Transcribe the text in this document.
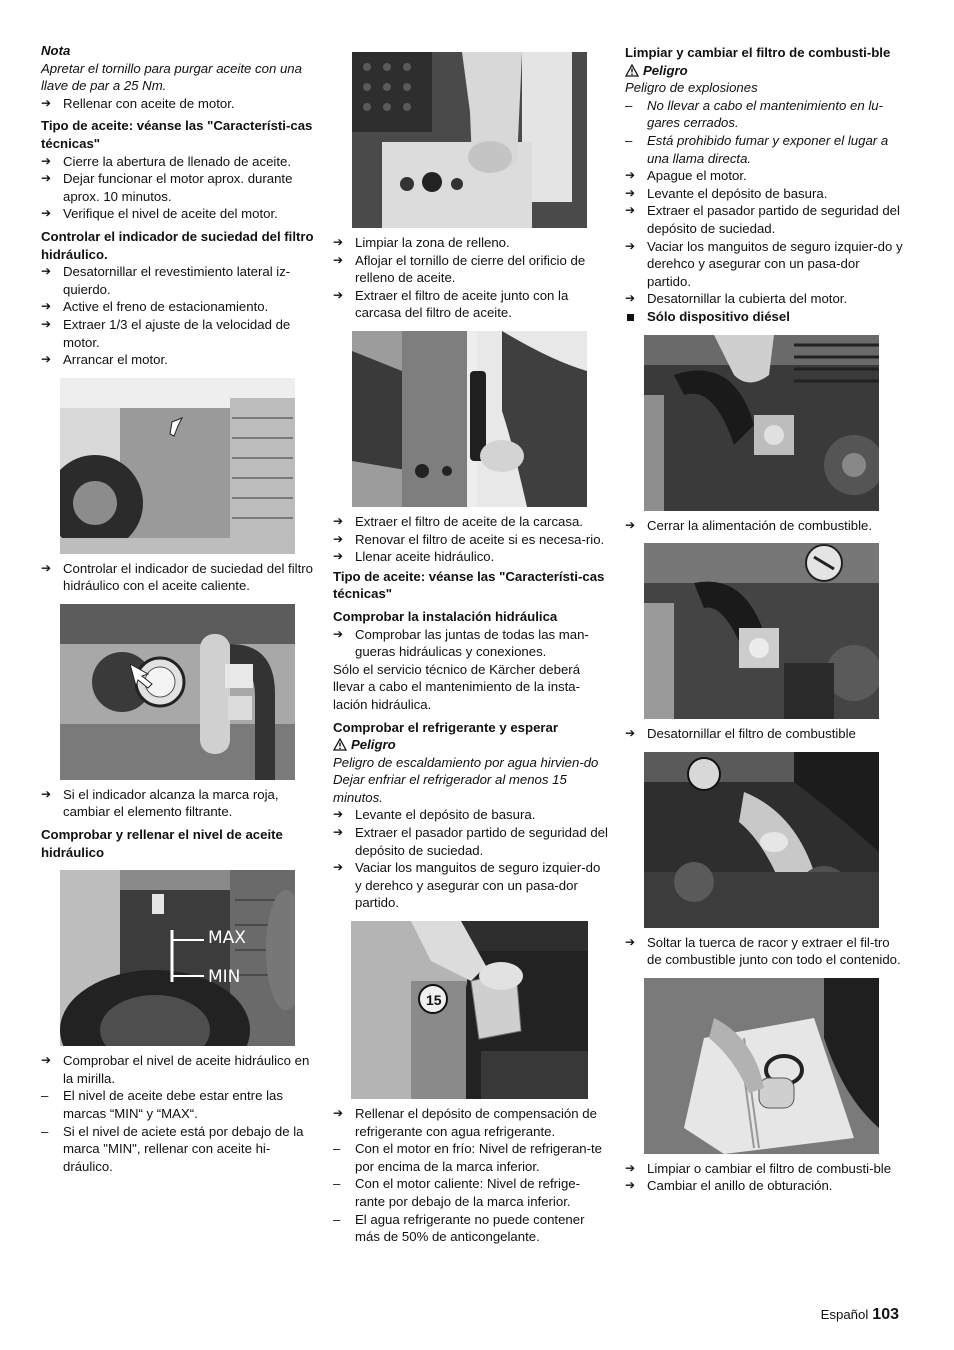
Nota

Apretar el tornillo para purgar aceite con una llave de par a 25 Nm.

➔ Rellenar con aceite de motor.

Tipo de aceite: véanse las "Característi-cas técnicas"

➔ Cierre la abertura de llenado de aceite.
➔ Dejar funcionar el motor aprox. durante aprox. 10 minutos.
➔ Verifique el nivel de aceite del motor.

Controlar el indicador de suciedad del filtro hidráulico.

➔ Desatornillar el revestimiento lateral iz-quierdo.
➔ Active el freno de estacionamiento.
➔ Extraer 1/3 el ajuste de la velocidad de motor.
➔ Arrancar el motor.
➔ Controlar el indicador de suciedad del filtro hidráulico con el aceite caliente.
➔ Si el indicador alcanza la marca roja, cambiar el elemento filtrante.

Comprobar y rellenar el nivel de aceite hidráulico

MAX
MIN
➔ Comprobar el nivel de aceite hidráulico en la mirilla.
–	El nivel de aceite debe estar entre las marcas “MIN“ y “MAX“.
–	Si el nivel de aciete está por debajo de la marca "MIN", rellenar con aceite hi-dráulico.
➔ Limpiar la zona de relleno.
➔ Aflojar el tornillo de cierre del orificio de relleno de aceite.
➔ Extraer el filtro de aceite junto con la carcasa del filtro de aceite.
➔ Extraer el filtro de aceite de la carcasa.
➔ Renovar el filtro de aceite si es necesa-rio.
➔ Llenar aceite hidráulico.

Tipo de aceite: véanse las "Característi-cas técnicas"

Comprobar la instalación hidráulica

➔ Comprobar las juntas de todas las man-gueras hidráulicas y conexiones.

Sólo el servicio técnico de Kärcher deberá llevar a cabo el mantenimiento de la insta-lación hidráulica.

Comprobar el refrigerante y esperar

Peligro

Peligro de escaldamiento por agua hirvien-do Dejar enfriar el refrigerador al menos 15 minutos.

➔ Levante el depósito de basura.
➔ Extraer el pasador partido de seguridad del depósito de suciedad.
➔ Vaciar los manguitos de seguro izquier-do y derehco y asegurar con un pasa-dor partido.
15
➔ Rellenar el depósito de compensación de refrigerante con agua refrigerante.
–	Con el motor en frío: Nivel de refrigeran-te por encima de la marca inferior.
–	Con el motor caliente: Nivel de refrige-rante por debajo de la marca inferior.
–	El agua refrigerante no puede contener más de 50% de anticongelante.

Limpiar y cambiar el filtro de combusti-ble

Peligro

Peligro de explosiones

–	No llevar a cabo el mantenimiento en lu-gares cerrados.
–	Está prohibido fumar y exponer el lugar a una llama directa.
➔ Apague el motor.
➔ Levante el depósito de basura.
➔ Extraer el pasador partido de seguridad del depósito de suciedad.
➔ Vaciar los manguitos de seguro izquier-do y derehco y asegurar con un pasa-dor partido.
➔ Desatornillar la cubierta del motor.
Sólo dispositivo diésel
➔ Cerrar la alimentación de combustible.
➔ Desatornillar el filtro de combustible
➔ Soltar la tuerca de racor y extraer el fil-tro de combustible junto con todo el contenido.
➔ Limpiar o cambiar el filtro de combusti-ble
➔ Cambiar el anillo de obturación.
Español 103
